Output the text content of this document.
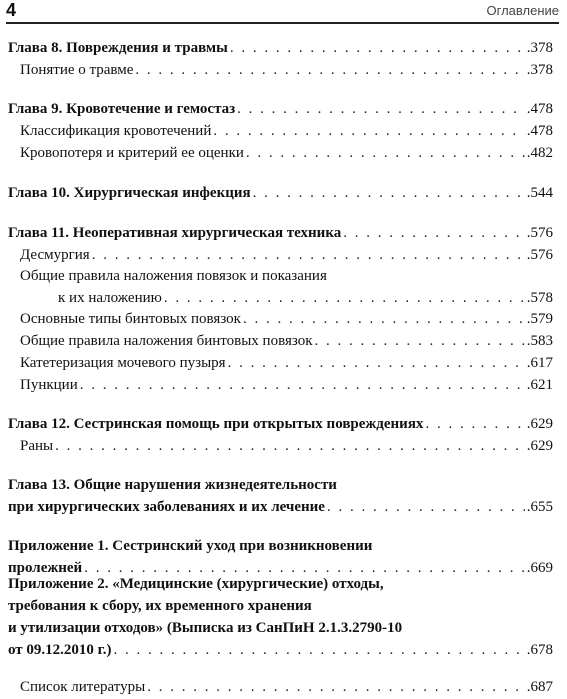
4	Оглавление
Глава 8. Повреждения и травмы . . .	.378
Понятие о травме . . .	.378
Глава 9. Кровотечение и гемостаз . . .	.478
Классификация кровотечений . . .	.478
Кровопотеря и критерий ее оценки . . .	.482
Глава 10. Хирургическая инфекция . . .	.544
Глава 11. Неоперативная хирургическая техника . . .	.576
Десмургия . . .	.576
Общие правила наложения повязок и показания
к их наложению . . .	.578
Основные типы бинтовых повязок . . .	.579
Общие правила наложения бинтовых повязок . . .	.583
Катетеризация мочевого пузыря . . .	.617
Пункции . . .	.621
Глава 12. Сестринская помощь при открытых повреждениях . . .	.629
Раны . . .	.629
Глава 13. Общие нарушения жизнедеятельности
при хирургических заболеваниях и их лечение . . .	.655
Приложение 1. Сестринский уход при возникновении
пролежней . . .	.669
Приложение 2. «Медицинские (хирургические) отходы,
требования к сбору, их временного хранения
и утилизации отходов» (Выписка из СанПиН 2.1.3.2790-10
от 09.12.2010 г.) . . .	.678
Список литературы . . .	.687
